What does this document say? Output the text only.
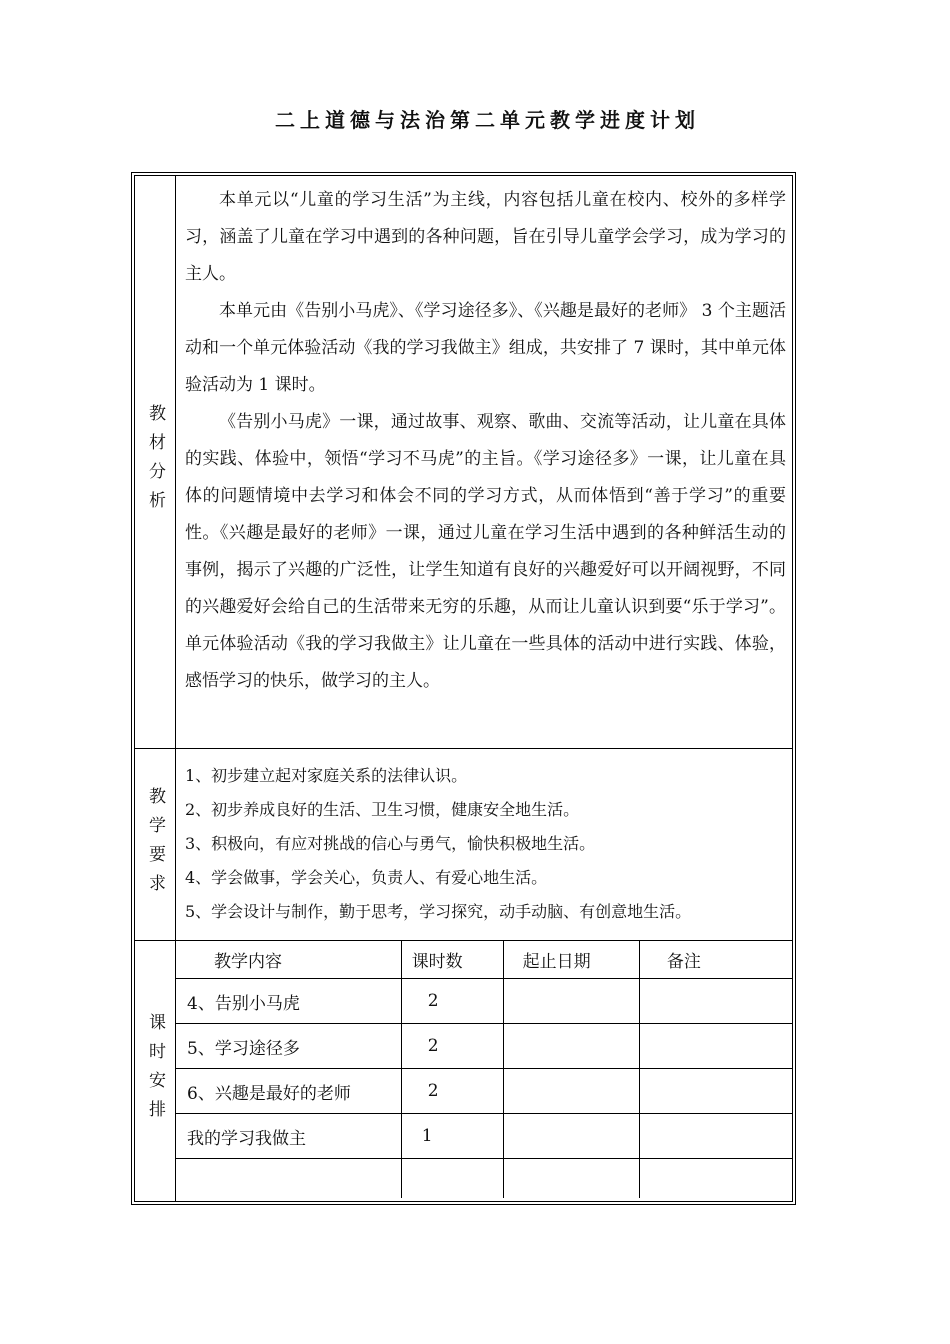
二上道德与法治第二单元教学进度计划
教材分析

本单元以“儿童的学习生活”为主线，内容包括儿童在校内、校外的多样学习，涵盖了儿童在学习中遇到的各种问题，旨在引导儿童学会学习，成为学习的主人。

本单元由《告别小马虎》、《学习途径多》、《兴趣是最好的老师》 3 个主题活动和一个单元体验活动《我的学习我做主》组成，共安排了 7 课时，其中单元体验活动为 1 课时。

《告别小马虎》一课，通过故事、观察、歌曲、交流等活动，让儿童在具体的实践、体验中，领悟“学习不马虎”的主旨。《学习途径多》一课，让儿童在具体的问题情境中去学习和体会不同的学习方式，从而体悟到“善于学习”的重要性。《兴趣是最好的老师》一课，通过儿童在学习生活中遇到的各种鲜活生动的事例，揭示了兴趣的广泛性，让学生知道有良好的兴趣爱好可以开阔视野，不同的兴趣爱好会给自己的生活带来无穷的乐趣，从而让儿童认识到要“乐于学习”。单元体验活动《我的学习我做主》让儿童在一些具体的活动中进行实践、体验，感悟学习的快乐，做学习的主人。

教学要求
1、初步建立起对家庭关系的法律认识。
2、初步养成良好的生活、卫生习惯，健康安全地生活。
3、积极向，有应对挑战的信心与勇气，愉快积极地生活。
4、学会做事，学会关心，负责人、有爱心地生活。
5、学会设计与制作，勤于思考，学习探究，动手动脑、有创意地生活。
课时安排
教学内容	课时数	起止日期	备注
4、告别小马虎	2		
5、学习途径多	2		
6、兴趣是最好的老师	2		
我的学习我做主	1		
